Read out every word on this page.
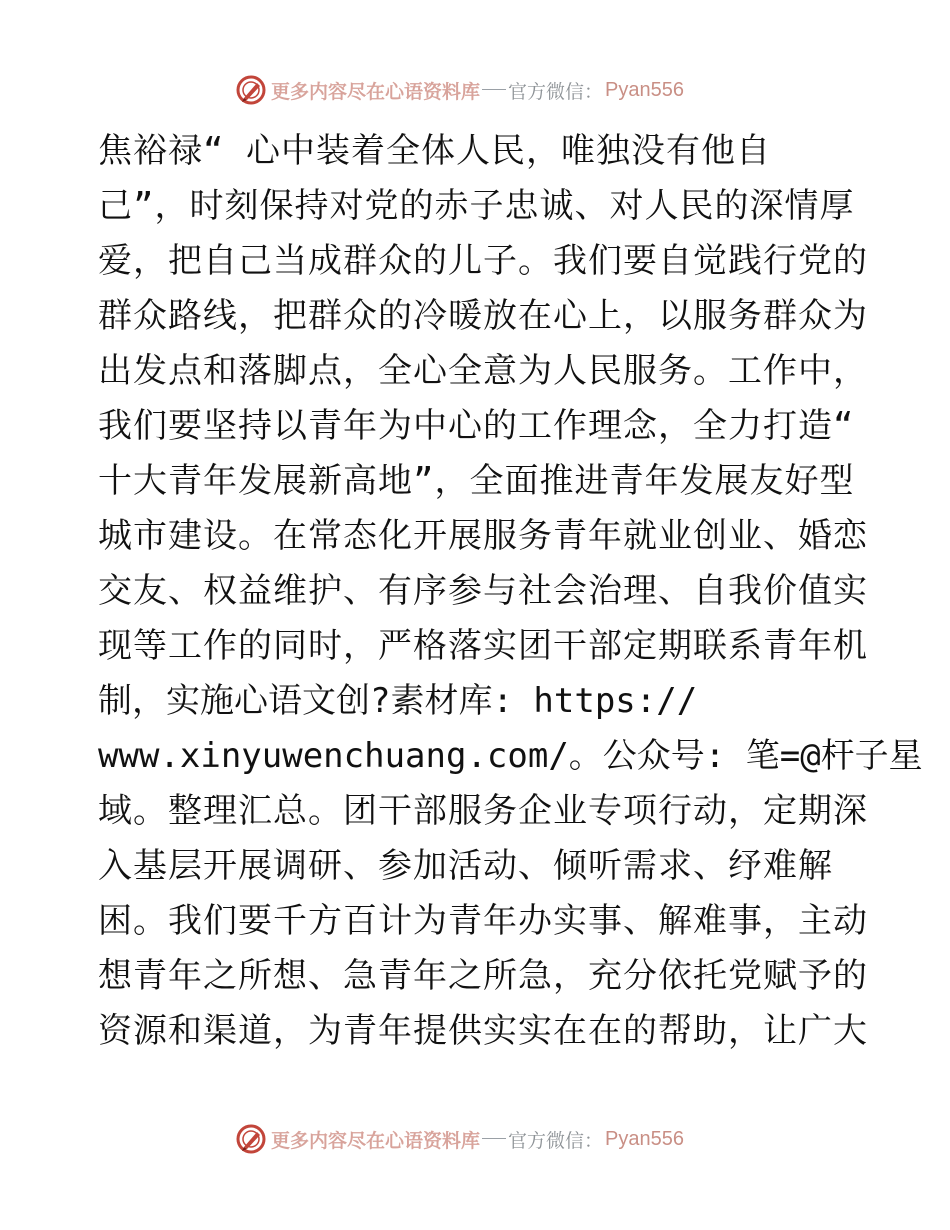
更多内容尽在心语资料库 官方微信： Pyan556
焦裕禄“ 心中装着全体人民，唯独没有他自
己”，时刻保持对党的赤子忠诚、对人民的深情厚
爱，把自己当成群众的儿子。我们要自觉践行党的
群众路线，把群众的冷暖放在心上，以服务群众为
出发点和落脚点，全心全意为人民服务。工作中，
我们要坚持以青年为中心的工作理念，全力打造“
十大青年发展新高地”，全面推进青年发展友好型
城市建设。在常态化开展服务青年就业创业、婚恋
交友、权益维护、有序参与社会治理、自我价值实
现等工作的同时，严格落实团干部定期联系青年机
制，实施心语文创?素材库: https://
www.xinyuwenchuang.com/。公众号: 笔=@杆子星
域。整理汇总。团干部服务企业专项行动，定期深
入基层开展调研、参加活动、倾听需求、纾难解
困。我们要千方百计为青年办实事、解难事，主动
想青年之所想、急青年之所急，充分依托党赋予的
资源和渠道，为青年提供实实在在的帮助，让广大
更多内容尽在心语资料库 官方微信： Pyan556
